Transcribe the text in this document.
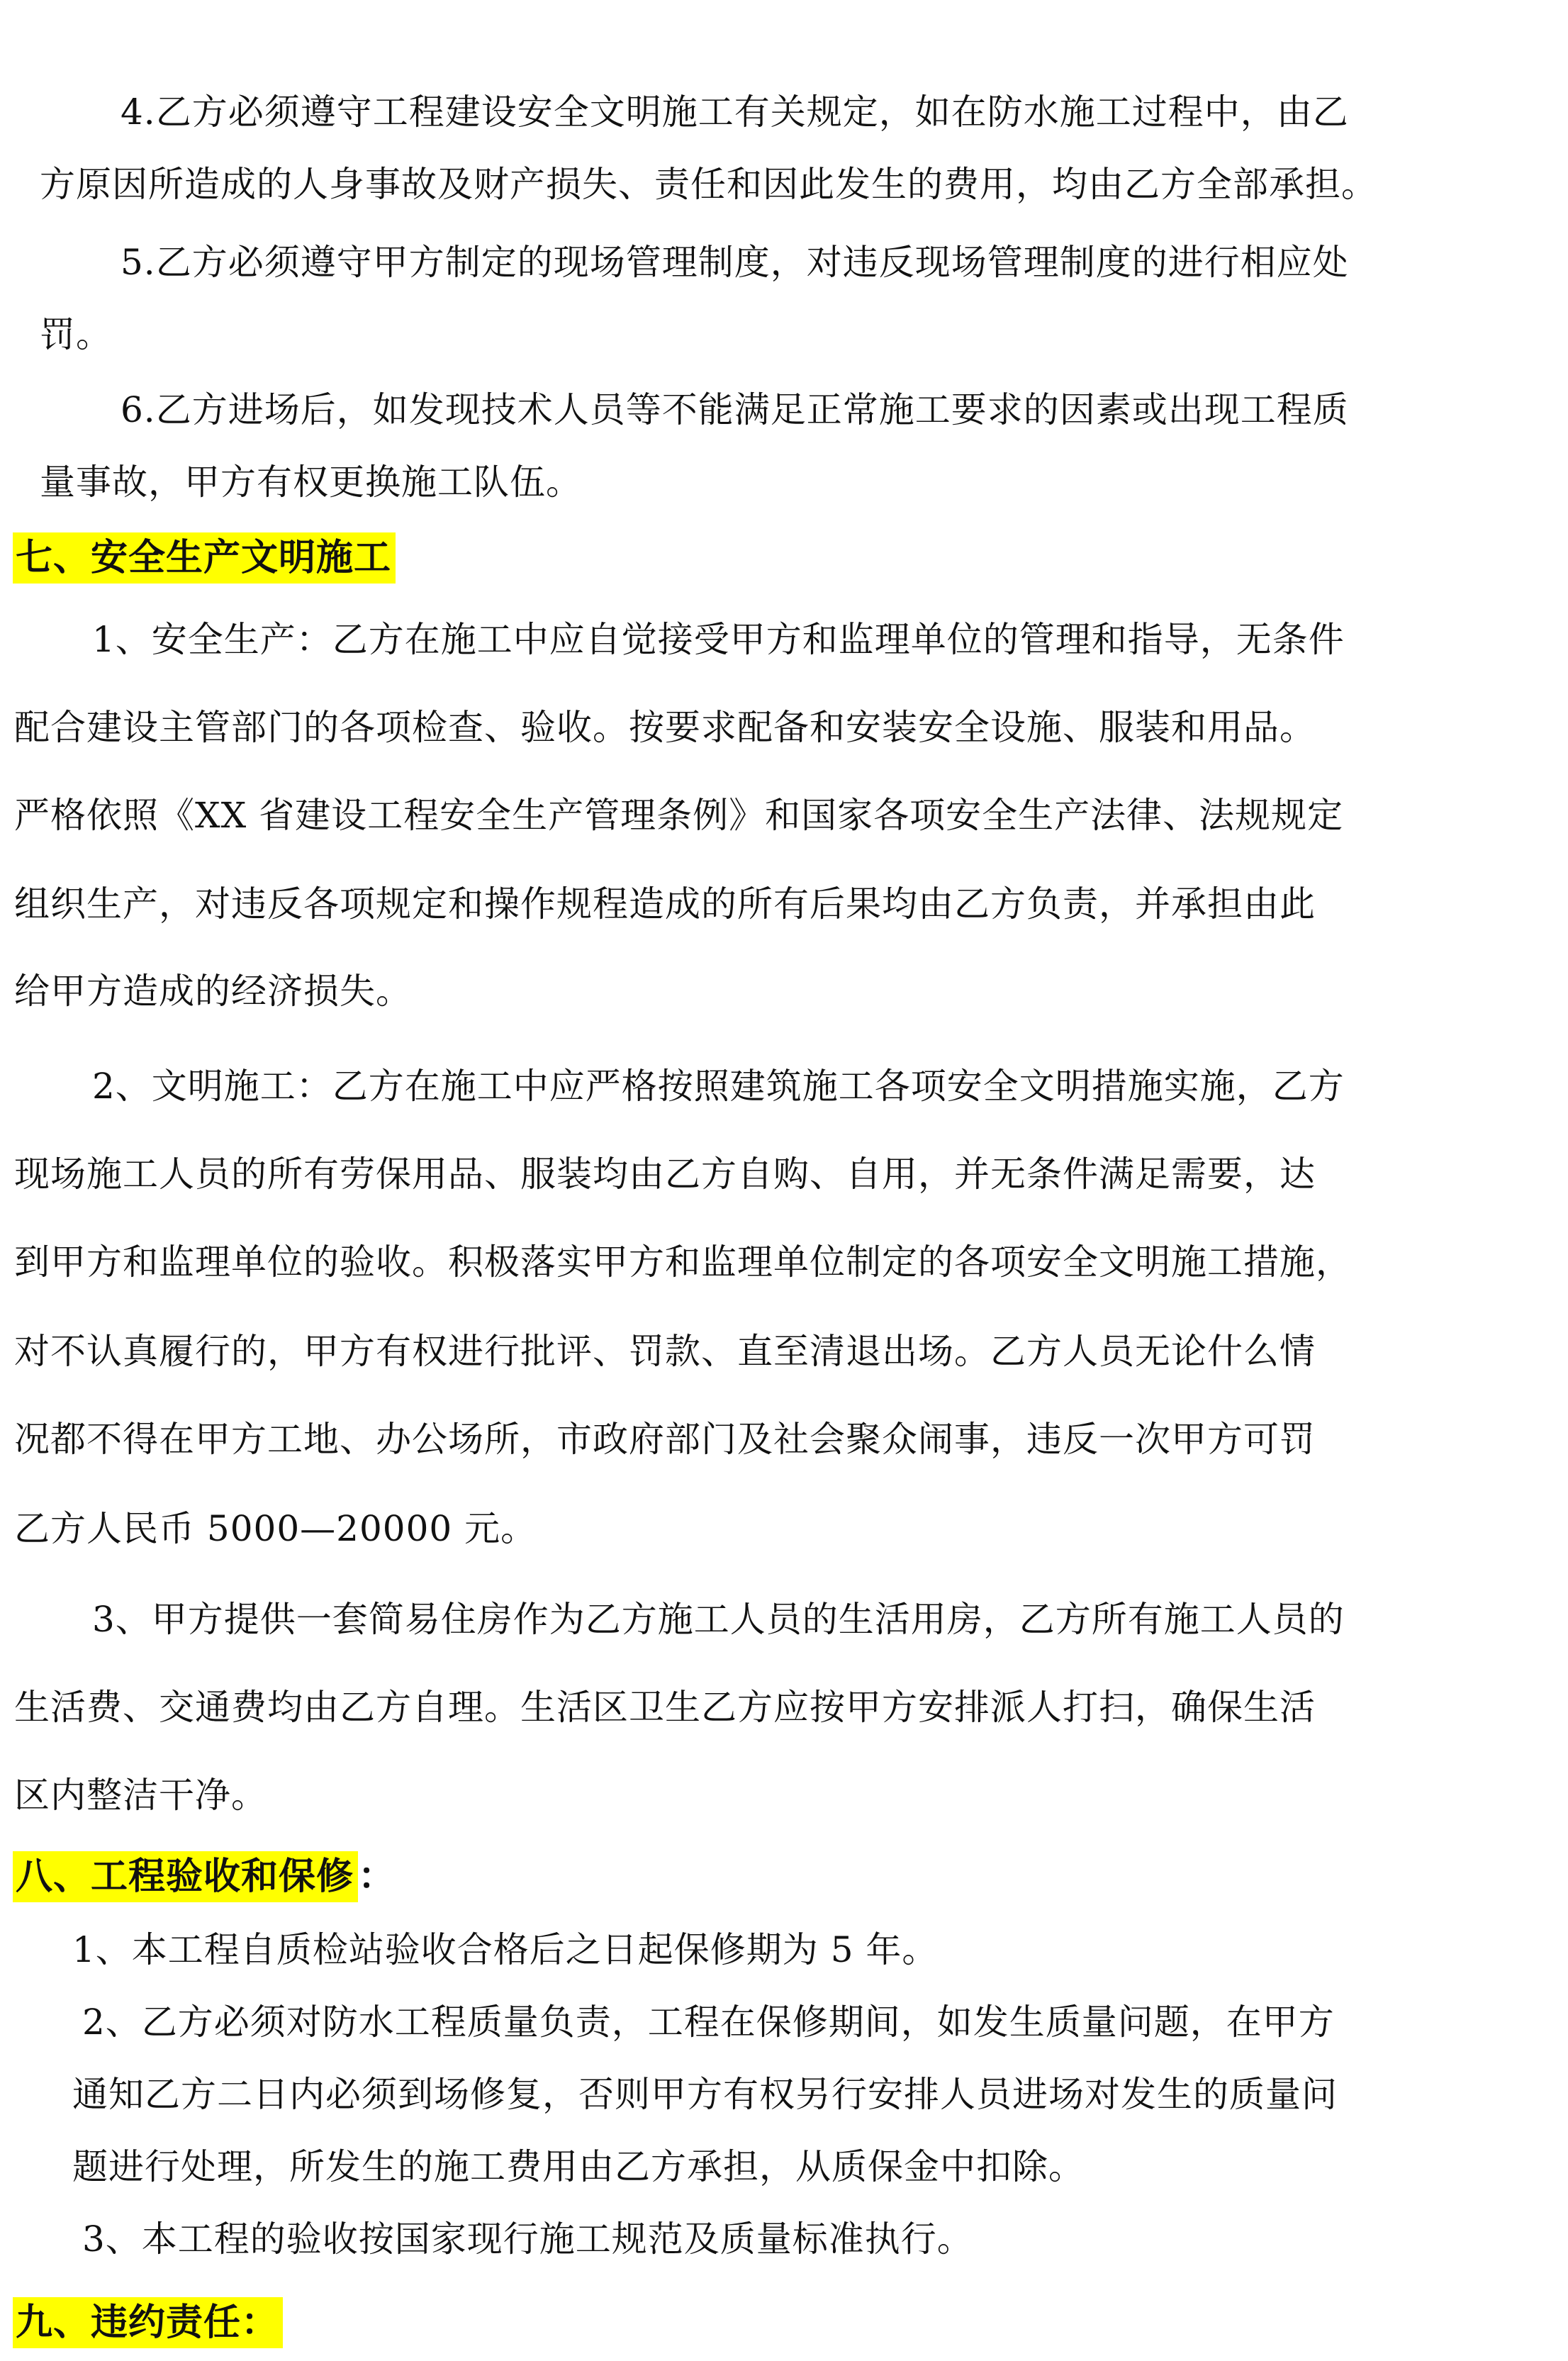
4.乙方必须遵守工程建设安全文明施工有关规定，如在防水施工过程中，由乙
方原因所造成的人身事故及财产损失、责任和因此发生的费用，均由乙方全部承担。
5.乙方必须遵守甲方制定的现场管理制度，对违反现场管理制度的进行相应处
罚。
6.乙方进场后，如发现技术人员等不能满足正常施工要求的因素或出现工程质
量事故，甲方有权更换施工队伍。
七、安全生产文明施工
1、安全生产：乙方在施工中应自觉接受甲方和监理单位的管理和指导，无条件
配合建设主管部门的各项检查、验收。按要求配备和安装安全设施、服装和用品。
严格依照《XX 省建设工程安全生产管理条例》和国家各项安全生产法律、法规规定
组织生产，对违反各项规定和操作规程造成的所有后果均由乙方负责，并承担由此
给甲方造成的经济损失。
2、文明施工：乙方在施工中应严格按照建筑施工各项安全文明措施实施，乙方
现场施工人员的所有劳保用品、服装均由乙方自购、自用，并无条件满足需要，达
到甲方和监理单位的验收。积极落实甲方和监理单位制定的各项安全文明施工措施，
对不认真履行的，甲方有权进行批评、罚款、直至清退出场。乙方人员无论什么情
况都不得在甲方工地、办公场所，市政府部门及社会聚众闹事，违反一次甲方可罚
乙方人民币 5000—20000 元。
3、甲方提供一套简易住房作为乙方施工人员的生活用房，乙方所有施工人员的
生活费、交通费均由乙方自理。生活区卫生乙方应按甲方安排派人打扫，确保生活
区内整洁干净。
八、工程验收和保修 ：
1、本工程自质检站验收合格后之日起保修期为 5 年。
2、乙方必须对防水工程质量负责，工程在保修期间，如发生质量问题，在甲方
通知乙方二日内必须到场修复，否则甲方有权另行安排人员进场对发生的质量问
题进行处理，所发生的施工费用由乙方承担，从质保金中扣除。
3、本工程的验收按国家现行施工规范及质量标准执行。
九、违约责任：
